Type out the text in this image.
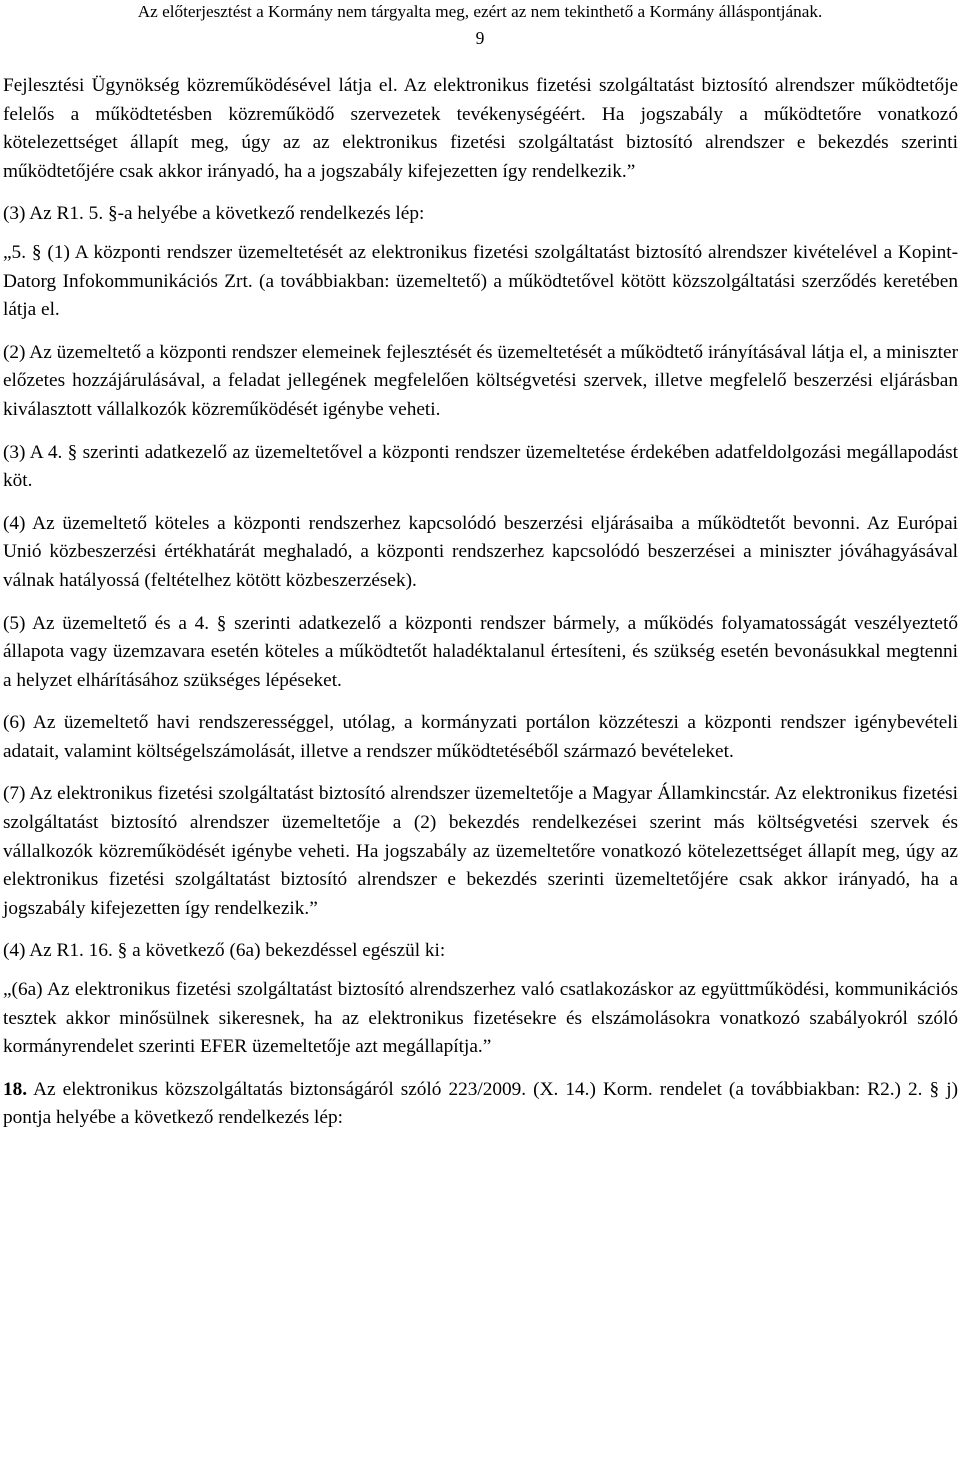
Az előterjesztést a Kormány nem tárgyalta meg, ezért az nem tekinthető a Kormány álláspontjának.
9

Fejlesztési Ügynökség közreműködésével látja el. Az elektronikus fizetési szolgáltatást biztosító alrendszer működtetője felelős a működtetésben közreműködő szervezetek tevékenységéért. Ha jogszabály a működtetőre vonatkozó kötelezettséget állapít meg, úgy az az elektronikus fizetési szolgáltatást biztosító alrendszer e bekezdés szerinti működtetőjére csak akkor irányadó, ha a jogszabály kifejezetten így rendelkezik.”

(3) Az R1. 5. §-a helyébe a következő rendelkezés lép:

„5. § (1) A központi rendszer üzemeltetését az elektronikus fizetési szolgáltatást biztosító alrendszer kivételével a Kopint-Datorg Infokommunikációs Zrt. (a továbbiakban: üzemeltető) a működtetővel kötött közszolgáltatási szerződés keretében látja el.

(2) Az üzemeltető a központi rendszer elemeinek fejlesztését és üzemeltetését a működtető irányításával látja el, a miniszter előzetes hozzájárulásával, a feladat jellegének megfelelően költségvetési szervek, illetve megfelelő beszerzési eljárásban kiválasztott vállalkozók közreműködését igénybe veheti.

(3) A 4. § szerinti adatkezelő az üzemeltetővel a központi rendszer üzemeltetése érdekében adatfeldolgozási megállapodást köt.

(4) Az üzemeltető köteles a központi rendszerhez kapcsolódó beszerzési eljárásaiba a működtetőt bevonni. Az Európai Unió közbeszerzési értékhatárát meghaladó, a központi rendszerhez kapcsolódó beszerzései a miniszter jóváhagyásával válnak hatályossá (feltételhez kötött közbeszerzések).

(5) Az üzemeltető és a 4. § szerinti adatkezelő a központi rendszer bármely, a működés folyamatosságát veszélyeztető állapota vagy üzemzavara esetén köteles a működtetőt haladéktalanul értesíteni, és szükség esetén bevonásukkal megtenni a helyzet elhárításához szükséges lépéseket.

(6) Az üzemeltető havi rendszerességgel, utólag, a kormányzati portálon közzéteszi a központi rendszer igénybevételi adatait, valamint költségelszámolását, illetve a rendszer működtetéséből származó bevételeket.

(7) Az elektronikus fizetési szolgáltatást biztosító alrendszer üzemeltetője a Magyar Államkincstár. Az elektronikus fizetési szolgáltatást biztosító alrendszer üzemeltetője a (2) bekezdés rendelkezései szerint más költségvetési szervek és vállalkozók közreműködését igénybe veheti. Ha jogszabály az üzemeltetőre vonatkozó kötelezettséget állapít meg, úgy az elektronikus fizetési szolgáltatást biztosító alrendszer e bekezdés szerinti üzemeltetőjére csak akkor irányadó, ha a jogszabály kifejezetten így rendelkezik.”

(4) Az R1. 16. § a következő (6a) bekezdéssel egészül ki:

„(6a) Az elektronikus fizetési szolgáltatást biztosító alrendszerhez való csatlakozáskor az együttműködési, kommunikációs tesztek akkor minősülnek sikeresnek, ha az elektronikus fizetésekre és elszámolásokra vonatkozó szabályokról szóló kormányrendelet szerinti EFER üzemeltetője azt megállapítja.”

18. Az elektronikus közszolgáltatás biztonságáról szóló 223/2009. (X. 14.) Korm. rendelet (a továbbiakban: R2.) 2. § j) pontja helyébe a következő rendelkezés lép:
